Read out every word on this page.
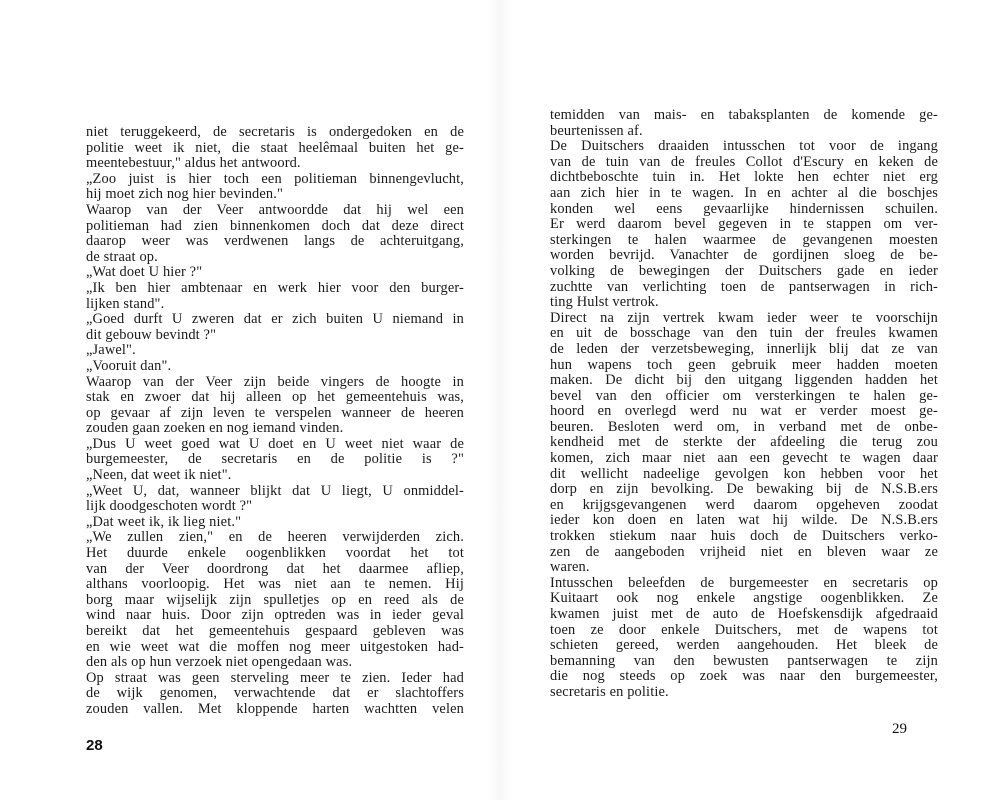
niet teruggekeerd, de secretaris is ondergedoken en de
politie weet ik niet, die staat heelêmaal buiten het ge-
meentebestuur," aldus het antwoord.
„Zoo juist is hier toch een politieman binnengevlucht,
hij moet zich nog hier bevinden."
Waarop van der Veer antwoordde dat hij wel een
politieman had zien binnenkomen doch dat deze direct
daarop weer was verdwenen langs de achteruitgang,
de straat op.
„Wat doet U hier ?"
„Ik ben hier ambtenaar en werk hier voor den burger-
lijken stand".
„Goed durft U zweren dat er zich buiten U niemand in
dit gebouw bevindt ?"
„Jawel".
„Vooruit dan".
Waarop van der Veer zijn beide vingers de hoogte in
stak en zwoer dat hij alleen op het gemeentehuis was,
op gevaar af zijn leven te verspelen wanneer de heeren
zouden gaan zoeken en nog iemand vinden.
„Dus U weet goed wat U doet en U weet niet waar de
burgemeester, de secretaris en de politie is ?"
„Neen, dat weet ik niet".
„Weet U, dat, wanneer blijkt dat U liegt, U onmiddel-
lijk doodgeschoten wordt ?"
„Dat weet ik, ik lieg niet."
„We zullen zien," en de heeren verwijderden zich.
Het duurde enkele oogenblikken voordat het tot
van der Veer doordrong dat het daarmee afliep,
althans voorloopig. Het was niet aan te nemen. Hij
borg maar wijselijk zijn spulletjes op en reed als de
wind naar huis. Door zijn optreden was in ieder geval
bereikt dat het gemeentehuis gespaard gebleven was
en wie weet wat die moffen nog meer uitgestoken had-
den als op hun verzoek niet opengedaan was.
Op straat was geen sterveling meer te zien. Ieder had
de wijk genomen, verwachtende dat er slachtoffers
zouden vallen. Met kloppende harten wachtten velen
28
temidden van mais- en tabaksplanten de komende ge-
beurtenissen af.
De Duitschers draaiden intusschen tot voor de ingang
van de tuin van de freules Collot d'Escury en keken de
dichtbeboschte tuin in. Het lokte hen echter niet erg
aan zich hier in te wagen. In en achter al die boschjes
konden wel eens gevaarlijke hindernissen schuilen.
Er werd daarom bevel gegeven in te stappen om ver-
sterkingen te halen waarmee de gevangenen moesten
worden bevrijd. Vanachter de gordijnen sloeg de be-
volking de bewegingen der Duitschers gade en ieder
zuchtte van verlichting toen de pantserwagen in rich-
ting Hulst vertrok.
Direct na zijn vertrek kwam ieder weer te voorschijn
en uit de bosschage van den tuin der freules kwamen
de leden der verzetsbeweging, innerlijk blij dat ze van
hun wapens toch geen gebruik meer hadden moeten
maken. De dicht bij den uitgang liggenden hadden het
bevel van den officier om versterkingen te halen ge-
hoord en overlegd werd nu wat er verder moest ge-
beuren. Besloten werd om, in verband met de onbe-
kendheid met de sterkte der afdeeling die terug zou
komen, zich maar niet aan een gevecht te wagen daar
dit wellicht nadeelige gevolgen kon hebben voor het
dorp en zijn bevolking. De bewaking bij de N.S.B.ers
en krijgsgevangenen werd daarom opgeheven zoodat
ieder kon doen en laten wat hij wilde. De N.S.B.ers
trokken stiekum naar huis doch de Duitschers verko-
zen de aangeboden vrijheid niet en bleven waar ze
waren.
Intusschen beleefden de burgemeester en secretaris op
Kuitaart ook nog enkele angstige oogenblikken. Ze
kwamen juist met de auto de Hoefskensdijk afgedraaid
toen ze door enkele Duitschers, met de wapens tot
schieten gereed, werden aangehouden. Het bleek de
bemanning van den bewusten pantserwagen te zijn
die nog steeds op zoek was naar den burgemeester,
secretaris en politie.
29
